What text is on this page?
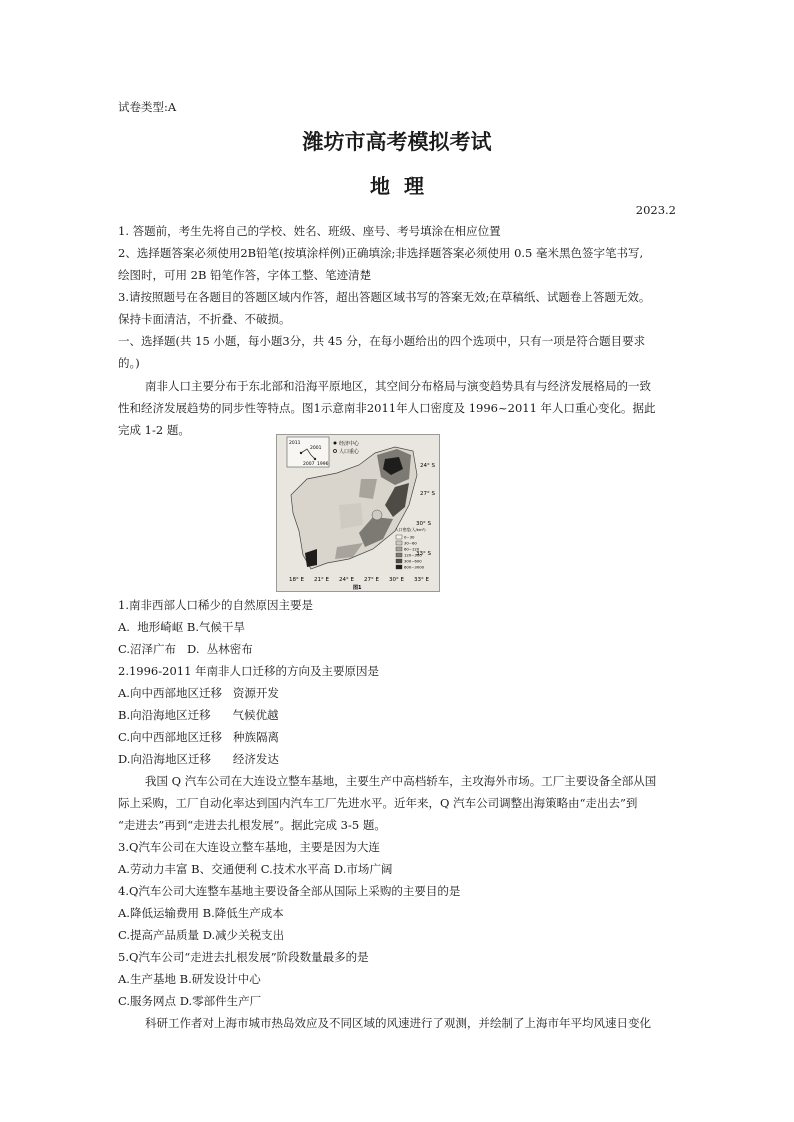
试卷类型:A
潍坊市高考模拟考试
地  理
2023.2
1. 答题前，考生先将自己的学校、姓名、班级、座号、考号填涂在相应位置
2、选择题答案必须使用2B铅笔(按填涂样例)正确填涂;非选择题答案必须使用 0.5 毫米黑色签字笔书写,
绘图时，可用 2B 铅笔作答，字体工整、笔迹清楚
3.请按照题号在各题目的答题区域内作答，超出答题区域书写的答案无效;在草稿纸、试题卷上答题无效。
保持卡面清洁，不折叠、不破损。
一、选择题(共 15 小题，每小题3分，共 45 分，在每小题给出的四个选项中，只有一项是符合题目要求
的。)
南非人口主要分布于东北部和沿海平原地区，其空间分布格局与演变趋势具有与经济发展格局的一致
性和经济发展趋势的同步性等特点。图1示意南非2011年人口密度及 1996~2011 年人口重心变化。据此
完成 1-2 题。
2011
2001
2007 1996
经济中心
人口重心
24° S
27° S
30° S
33° S
人口密度(人/km²)
0~30
30~60
60~120
120~300
300~600
600~3000
18° E 21° E 24° E 27° E 30° E 33° E
图1
1.南非西部人口稀少的自然原因主要是
A.  地形崎岖 B.气候干旱
C.沼泽广布   D.  丛林密布
2.1996-2011 年南非人口迁移的方向及主要原因是
A.向中西部地区迁移   资源开发
B.向沿海地区迁移      气候优越
C.向中西部地区迁移   种族隔离
D.向沿海地区迁移      经济发达
我国 Q 汽车公司在大连设立整车基地，主要生产中高档轿车，主攻海外市场。工厂主要设备全部从国
际上采购，工厂自动化率达到国内汽车工厂先进水平。近年来，Q 汽车公司调整出海策略由“走出去”到
“走进去”再到“走进去扎根发展”。据此完成 3-5 题。
3.Q汽车公司在大连设立整车基地，主要是因为大连
A.劳动力丰富 B、交通便利 C.技术水平高 D.市场广阔
4.Q汽车公司大连整车基地主要设备全部从国际上采购的主要目的是
A.降低运输费用 B.降低生产成本
C.提高产品质量 D.减少关税支出
5.Q汽车公司“走进去扎根发展”阶段数量最多的是
A.生产基地 B.研发设计中心
C.服务网点 D.零部件生产厂
科研工作者对上海市城市热岛效应及不同区域的风速进行了观测，并绘制了上海市年平均风速日变化
